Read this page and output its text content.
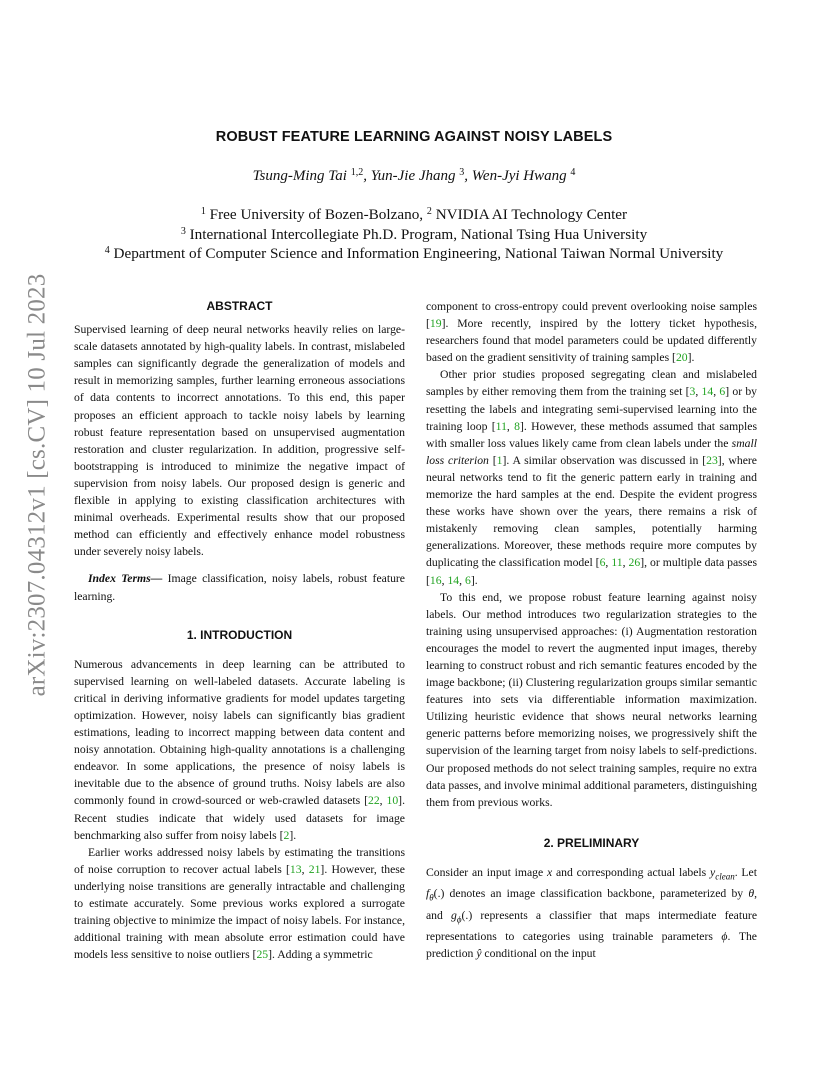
arXiv:2307.04312v1 [cs.CV] 10 Jul 2023
ROBUST FEATURE LEARNING AGAINST NOISY LABELS
Tsung-Ming Tai $^{1,2}$, Yun-Jie Jhang $^3$, Wen-Jyi Hwang $^4$
$^1$ Free University of Bozen-Bolzano, $^2$ NVIDIA AI Technology Center
$^3$ International Intercollegiate Ph.D. Program, National Tsing Hua University
$^4$ Department of Computer Science and Information Engineering, National Taiwan Normal University
ABSTRACT

Supervised learning of deep neural networks heavily relies on large-scale datasets annotated by high-quality labels. In contrast, mislabeled samples can significantly degrade the generalization of models and result in memorizing samples, further learning erroneous associations of data contents to incorrect annotations. To this end, this paper proposes an efficient approach to tackle noisy labels by learning robust feature representation based on unsupervised augmentation restoration and cluster regularization. In addition, progressive self-bootstrapping is introduced to minimize the negative impact of supervision from noisy labels. Our proposed design is generic and flexible in applying to existing classification architectures with minimal overheads. Experimental results show that our proposed method can efficiently and effectively enhance model robustness under severely noisy labels.

Index Terms— Image classification, noisy labels, robust feature learning.

1. INTRODUCTION

Numerous advancements in deep learning can be attributed to supervised learning on well-labeled datasets. Accurate labeling is critical in deriving informative gradients for model updates targeting optimization. However, noisy labels can significantly bias gradient estimations, leading to incorrect mapping between data content and noisy annotation. Obtaining high-quality annotations is a challenging endeavor. In some applications, the presence of noisy labels is inevitable due to the absence of ground truths. Noisy labels are also commonly found in crowd-sourced or web-crawled datasets [22, 10]. Recent studies indicate that widely used datasets for image benchmarking also suffer from noisy labels [2].

Earlier works addressed noisy labels by estimating the transitions of noise corruption to recover actual labels [13, 21]. However, these underlying noise transitions are generally intractable and challenging to estimate accurately. Some previous works explored a surrogate training objective to minimize the impact of noisy labels. For instance, additional training with mean absolute error estimation could have models less sensitive to noise outliers [25]. Adding a symmetric

component to cross-entropy could prevent overlooking noise samples [19]. More recently, inspired by the lottery ticket hypothesis, researchers found that model parameters could be updated differently based on the gradient sensitivity of training samples [20].

Other prior studies proposed segregating clean and mislabeled samples by either removing them from the training set [3, 14, 6] or by resetting the labels and integrating semi-supervised learning into the training loop [11, 8]. However, these methods assumed that samples with smaller loss values likely came from clean labels under the small loss criterion [1]. A similar observation was discussed in [23], where neural networks tend to fit the generic pattern early in training and memorize the hard samples at the end. Despite the evident progress these works have shown over the years, there remains a risk of mistakenly removing clean samples, potentially harming generalizations. Moreover, these methods require more computes by duplicating the classification model [6, 11, 26], or multiple data passes [16, 14, 6].

To this end, we propose robust feature learning against noisy labels. Our method introduces two regularization strategies to the training using unsupervised approaches: (i) Augmentation restoration encourages the model to revert the augmented input images, thereby learning to construct robust and rich semantic features encoded by the image backbone; (ii) Clustering regularization groups similar semantic features into sets via differentiable information maximization. Utilizing heuristic evidence that shows neural networks learning generic patterns before memorizing noises, we progressively shift the supervision of the learning target from noisy labels to self-predictions. Our proposed methods do not select training samples, require no extra data passes, and involve minimal additional parameters, distinguishing them from previous works.

2. PRELIMINARY

Consider an input image x and corresponding actual labels $y_{clean}$. Let $f_\theta(.)$ denotes an image classification backbone, parameterized by θ, and $g_\phi(.)$ represents a classifier that maps intermediate feature representations to categories using trainable parameters ϕ. The prediction ŷ conditional on the input
